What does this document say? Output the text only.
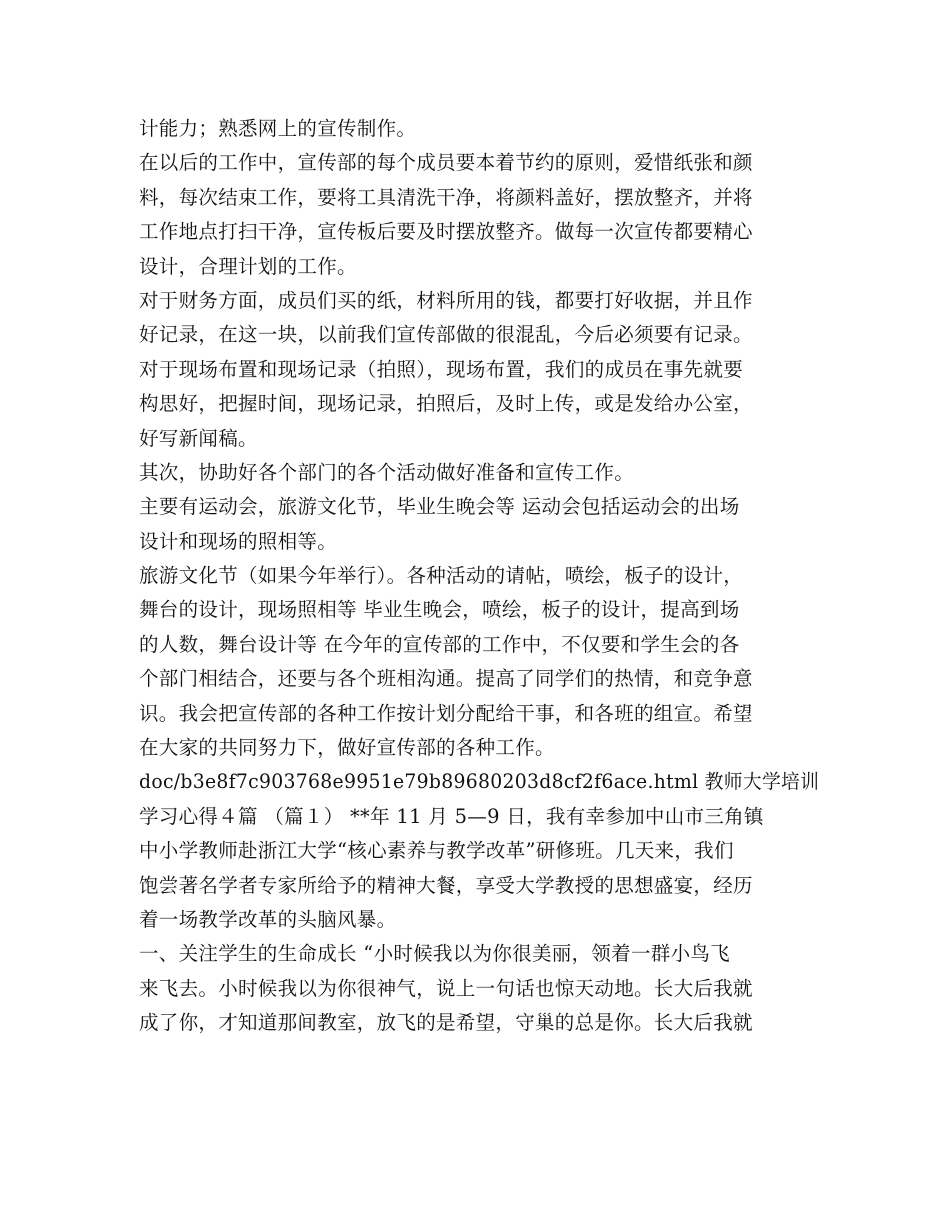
计能力；熟悉网上的宣传制作。
在以后的工作中，宣传部的每个成员要本着节约的原则，爱惜纸张和颜
料，每次结束工作，要将工具清洗干净，将颜料盖好，摆放整齐，并将
工作地点打扫干净，宣传板后要及时摆放整齐。做每一次宣传都要精心
设计，合理计划的工作。
对于财务方面，成员们买的纸，材料所用的钱，都要打好收据，并且作
好记录，在这一块，以前我们宣传部做的很混乱，今后必须要有记录。
对于现场布置和现场记录（拍照），现场布置，我们的成员在事先就要
构思好，把握时间，现场记录，拍照后，及时上传，或是发给办公室，
好写新闻稿。
其次，协助好各个部门的各个活动做好准备和宣传工作。
主要有运动会，旅游文化节，毕业生晚会等 运动会包括运动会的出场
设计和现场的照相等。
旅游文化节（如果今年举行）。各种活动的请帖，喷绘，板子的设计，
舞台的设计，现场照相等 毕业生晚会，喷绘，板子的设计，提高到场
的人数，舞台设计等 在今年的宣传部的工作中，不仅要和学生会的各
个部门相结合，还要与各个班相沟通。提高了同学们的热情，和竞争意
识。我会把宣传部的各种工作按计划分配给干事，和各班的组宣。希望
在大家的共同努力下，做好宣传部的各种工作。
doc/b3e8f7c903768e9951e79b89680203d8cf2f6ace.html 教师大学培训
学习心得４篇 （篇１） **年 11 月 5—9 日，我有幸参加中山市三角镇
中小学教师赴浙江大学“核心素养与教学改革”研修班。几天来，我们
饱尝著名学者专家所给予的精神大餐，享受大学教授的思想盛宴，经历
着一场教学改革的头脑风暴。
一、关注学生的生命成长 “小时候我以为你很美丽，领着一群小鸟飞
来飞去。小时候我以为你很神气，说上一句话也惊天动地。长大后我就
成了你，才知道那间教室，放飞的是希望，守巢的总是你。长大后我就
